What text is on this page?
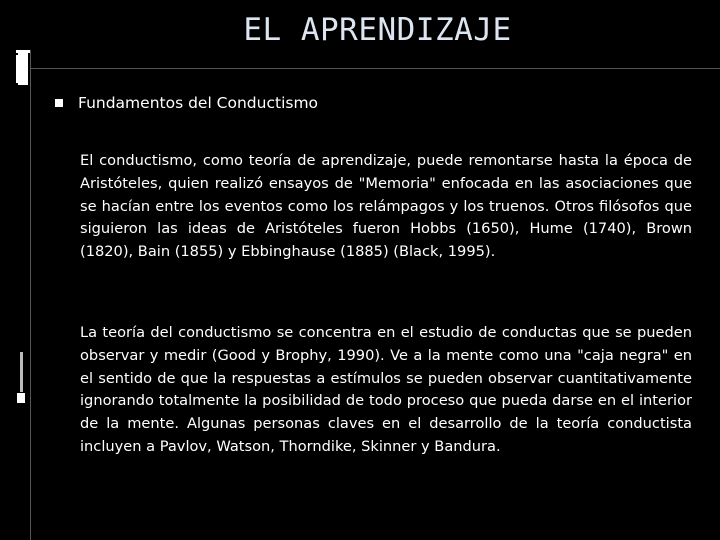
EL APRENDIZAJE
Fundamentos del Conductismo

El conductismo, como teoría de aprendizaje, puede remontarse hasta la época de Aristóteles, quien realizó ensayos de "Memoria" enfocada en las asociaciones que se hacían entre los eventos como los relámpagos y los truenos. Otros filósofos que siguieron las ideas de Aristóteles fueron Hobbs (1650), Hume (1740), Brown (1820), Bain (1855) y Ebbinghause (1885) (Black, 1995).

La teoría del conductismo se concentra en el estudio de conductas que se pueden observar y medir (Good y Brophy, 1990). Ve a la mente como una "caja negra" en el sentido de que la respuestas a estímulos se pueden observar cuantitativamente ignorando totalmente la posibilidad de todo proceso que pueda darse en el interior de la mente. Algunas personas claves en el desarrollo de la teoría conductista incluyen a Pavlov, Watson, Thorndike, Skinner y Bandura.
